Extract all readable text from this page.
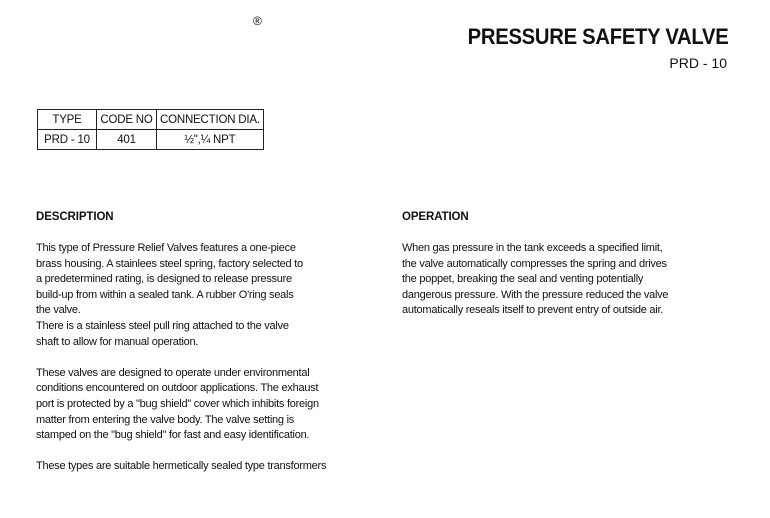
®
PRESSURE SAFETY VALVE
PRD - 10
TYPE	CODE NO	CONNECTION DIA.
PRD - 10	401	½",¼ NPT
DESCRIPTION
This type of Pressure Relief Valves features a one-piece
brass housing. A stainlees steel spring, factory selected to
a predetermined rating, is designed to release pressure
build-up from within a sealed tank. A rubber O'ring seals
the valve.
There is a stainless steel pull ring attached to the valve
shaft to allow for manual operation.
These valves are designed to operate under environmental
conditions encountered on outdoor applications. The exhaust
port is protected by a "bug shield" cover which inhibits foreign
matter from entering the valve body. The valve setting is
stamped on the "bug shield" for fast and easy identification.
These types are suitable hermetically sealed type transformers
OPERATION
When gas pressure in the tank exceeds a specified limit,
the valve automatically compresses the spring and drives
the poppet, breaking the seal and venting potentially
dangerous pressure. With the pressure reduced the valve
automatically reseals itself to prevent entry of outside air.
